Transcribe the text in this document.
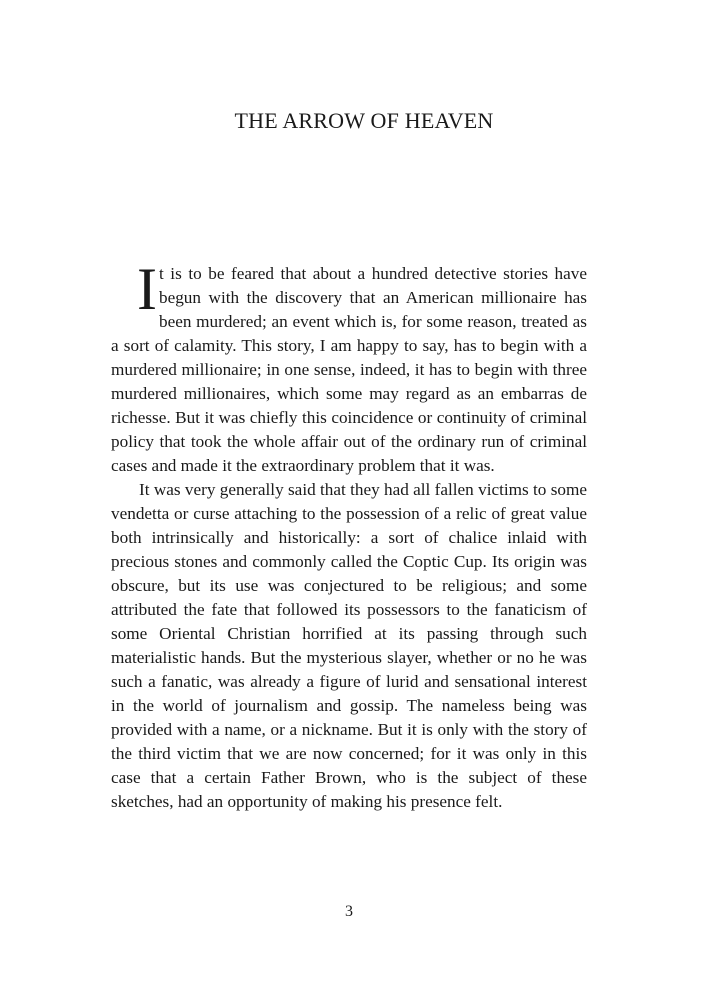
THE ARROW OF HEAVEN

It is to be feared that about a hundred detective stories have begun with the discovery that an American millionaire has been murdered; an event which is, for some reason, treated as a sort of calamity. This story, I am happy to say, has to begin with a murdered millionaire; in one sense, indeed, it has to begin with three murdered millionaires, which some may regard as an embarras de richesse. But it was chiefly this coincidence or continuity of criminal policy that took the whole affair out of the ordinary run of criminal cases and made it the extraordinary problem that it was.

It was very generally said that they had all fallen victims to some vendetta or curse attaching to the possession of a relic of great value both intrinsically and historically: a sort of chalice inlaid with precious stones and commonly called the Coptic Cup. Its origin was obscure, but its use was conjectured to be religious; and some attributed the fate that followed its possessors to the fanaticism of some Oriental Christian horrified at its passing through such materialistic hands. But the mysterious slayer, whether or no he was such a fanatic, was already a figure of lurid and sensational interest in the world of journalism and gossip. The nameless being was provided with a name, or a nickname. But it is only with the story of the third victim that we are now concerned; for it was only in this case that a certain Father Brown, who is the subject of these sketches, had an opportunity of making his presence felt.

3
